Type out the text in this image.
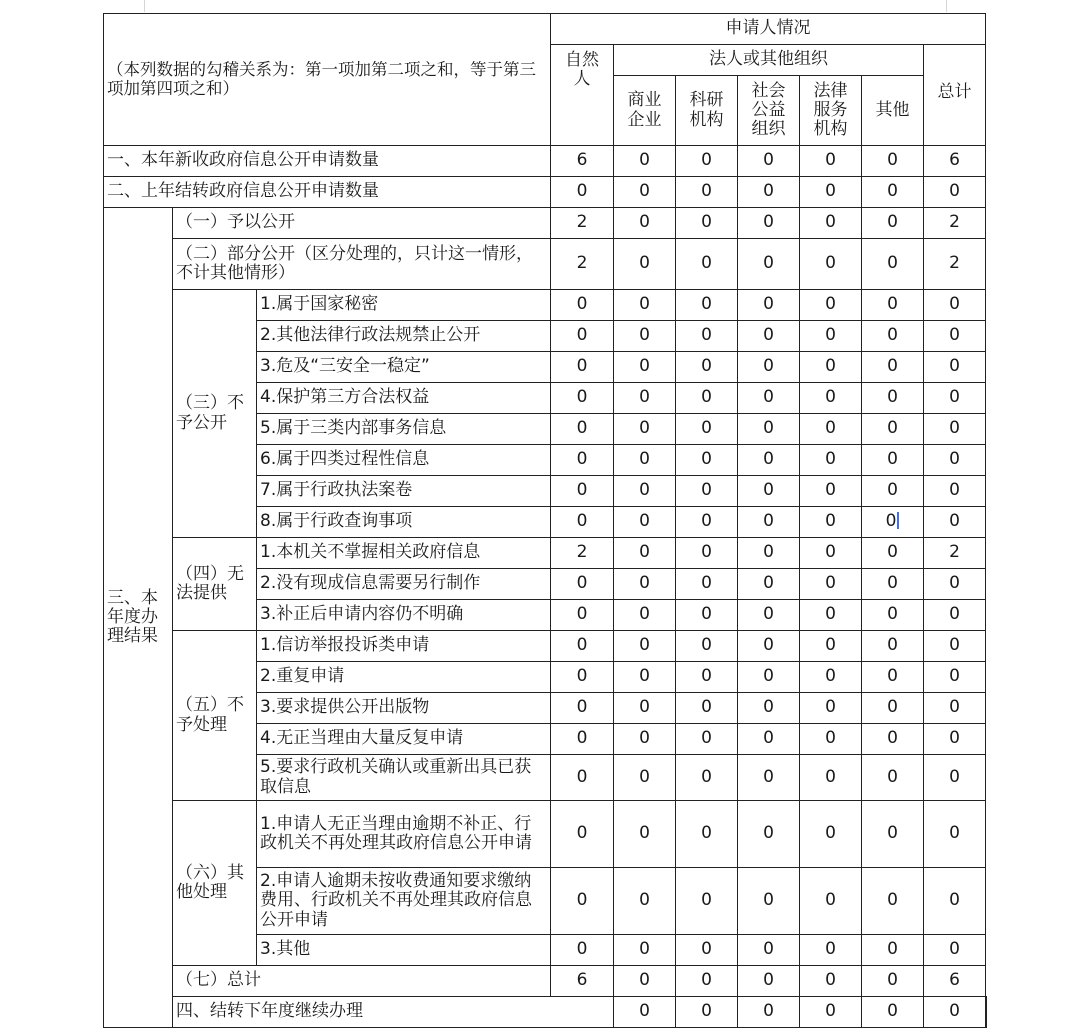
（本列数据的勾稽关系为：第一项加第二项之和，等于第三项加第四项之和）			申请人情况							

			自然人	法人或其他组织					总计	

				商业企业	科研机构	社会公益组织	法律服务机构	其他		
一、本年新收政府信息公开申请数量			6	0	0	0	0	0	6	
二、上年结转政府信息公开申请数量			0	0	0	0	0	0	0	

三、本年度办理结果	（一）予以公开		2	0	0	0	0	0	2	
	（二）部分公开（区分处理的，只计这一情形，不计其他情形）		2	0	0	0	0	0	2	
	（三）不予公开	1.属于国家秘密	0	0	0	0	0	0	0	
		2.其他法律行政法规禁止公开	0	0	0	0	0	0	0	
		3.危及“三安全一稳定”	0	0	0	0	0	0	0	
		4.保护第三方合法权益	0	0	0	0	0	0	0	
		5.属于三类内部事务信息	0	0	0	0	0	0	0	
		6.属于四类过程性信息	0	0	0	0	0	0	0	
		7.属于行政执法案卷	0	0	0	0	0	0	0	
		8.属于行政查询事项	0	0	0	0	0	0	0	
	（四）无法提供	1.本机关不掌握相关政府信息	2	0	0	0	0	0	2	
		2.没有现成信息需要另行制作	0	0	0	0	0	0	0	
		3.补正后申请内容仍不明确	0	0	0	0	0	0	0	
	（五）不予处理	1.信访举报投诉类申请	0	0	0	0	0	0	0	
		2.重复申请	0	0	0	0	0	0	0	
		3.要求提供公开出版物	0	0	0	0	0	0	0	
		4.无正当理由大量反复申请	0	0	0	0	0	0	0	
		5.要求行政机关确认或重新出具已获取信息	0	0	0	0	0	0	0	
	（六）其他处理	1.申请人无正当理由逾期不补正、行政机关不再处理其政府信息公开申请	0	0	0	0	0	0	0	
		2.申请人逾期未按收费通知要求缴纳费用、行政机关不再处理其政府信息公开申请	0	0	0	0	0	0	0	
		3.其他	0	0	0	0	0	0	0	
	（七）总计		6	0	0	0	0	0	6	
	四、结转下年度继续办理			0	0	0	0	0	0	
